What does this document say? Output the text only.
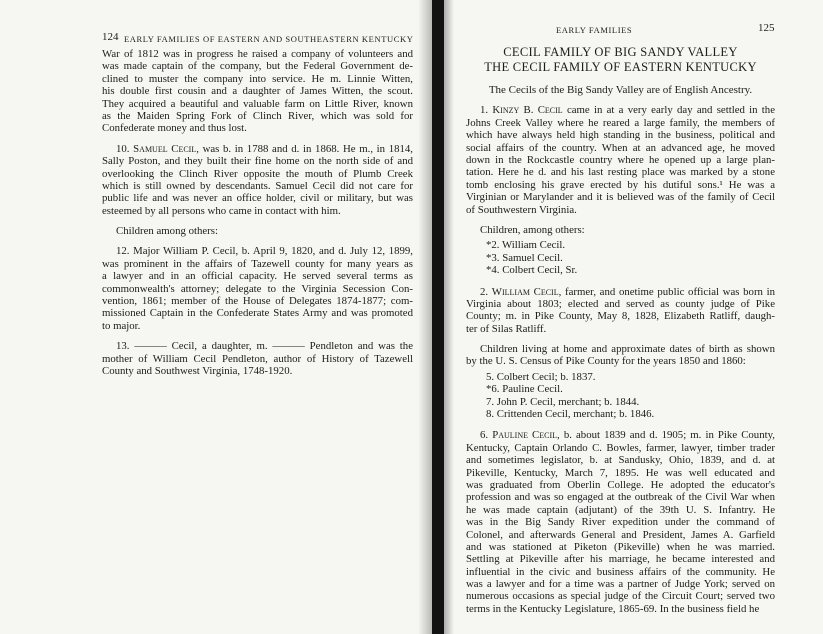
124 EARLY FAMILIES OF EASTERN AND SOUTHEASTERN KENTUCKY

War of 1812 was in progress he raised a company of volunteers and
was made captain of the company, but the Federal Government de-
clined to muster the company into service. He m. Linnie Witten,
his double first cousin and a daughter of James Witten, the scout.
They acquired a beautiful and valuable farm on Little River, known
as the Maiden Spring Fork of Clinch River, which was sold for
Confederate money and thus lost.

10. Samuel Cecil, was b. in 1788 and d. in 1868. He m., in 1814,
Sally Poston, and they built their fine home on the north side of and
overlooking the Clinch River opposite the mouth of Plumb Creek
which is still owned by descendants. Samuel Cecil did not care for
public life and was never an office holder, civil or military, but was
esteemed by all persons who came in contact with him.

Children among others:

12. Major William P. Cecil, b. April 9, 1820, and d. July 12, 1899,
was prominent in the affairs of Tazewell county for many years as
a lawyer and in an official capacity. He served several terms as
commonwealth's attorney; delegate to the Virginia Secession Con-
vention, 1861; member of the House of Delegates 1874-1877; com-
missioned Captain in the Confederate States Army and was promoted
to major.

13. ——— Cecil, a daughter, m. ——— Pendleton and was the
mother of William Cecil Pendleton, author of History of Tazewell
County and Southwest Virginia, 1748-1920.

EARLY FAMILIES	125
CECIL FAMILY OF BIG SANDY VALLEY
THE CECIL FAMILY OF EASTERN KENTUCKY
The Cecils of the Big Sandy Valley are of English Ancestry.

1. Kinzy B. Cecil came in at a very early day and settled in the
Johns Creek Valley where he reared a large family, the members of
which have always held high standing in the business, political and
social affairs of the country. When at an advanced age, he moved
down in the Rockcastle country where he opened up a large plan-
tation. Here he d. and his last resting place was marked by a stone
tomb enclosing his grave erected by his dutiful sons.¹ He was a
Virginian or Marylander and it is believed was of the family of Cecil
of Southwestern Virginia.

Children, among others:

*2. William Cecil.
*3. Samuel Cecil.
*4. Colbert Cecil, Sr.

2. William Cecil, farmer, and onetime public official was born in
Virginia about 1803; elected and served as county judge of Pike
County; m. in Pike County, May 8, 1828, Elizabeth Ratliff, daugh-
ter of Silas Ratliff.

Children living at home and approximate dates of birth as shown
by the U. S. Census of Pike County for the years 1850 and 1860:

5. Colbert Cecil; b. 1837.
*6. Pauline Cecil.
7. John P. Cecil, merchant; b. 1844.
8. Crittenden Cecil, merchant; b. 1846.

6. Pauline Cecil, b. about 1839 and d. 1905; m. in Pike County,
Kentucky, Captain Orlando C. Bowles, farmer, lawyer, timber trader
and sometimes legislator, b. at Sandusky, Ohio, 1839, and d. at
Pikeville, Kentucky, March 7, 1895. He was well educated and
was graduated from Oberlin College. He adopted the educator's
profession and was so engaged at the outbreak of the Civil War when
he was made captain (adjutant) of the 39th U. S. Infantry. He
was in the Big Sandy River expedition under the command of
Colonel, and afterwards General and President, James A. Garfield
and was stationed at Piketon (Pikeville) when he was married.
Settling at Pikeville after his marriage, he became interested and
influential in the civic and business affairs of the community. He
was a lawyer and for a time was a partner of Judge York; served on
numerous occasions as special judge of the Circuit Court; served two
terms in the Kentucky Legislature, 1865-69. In the business field he
